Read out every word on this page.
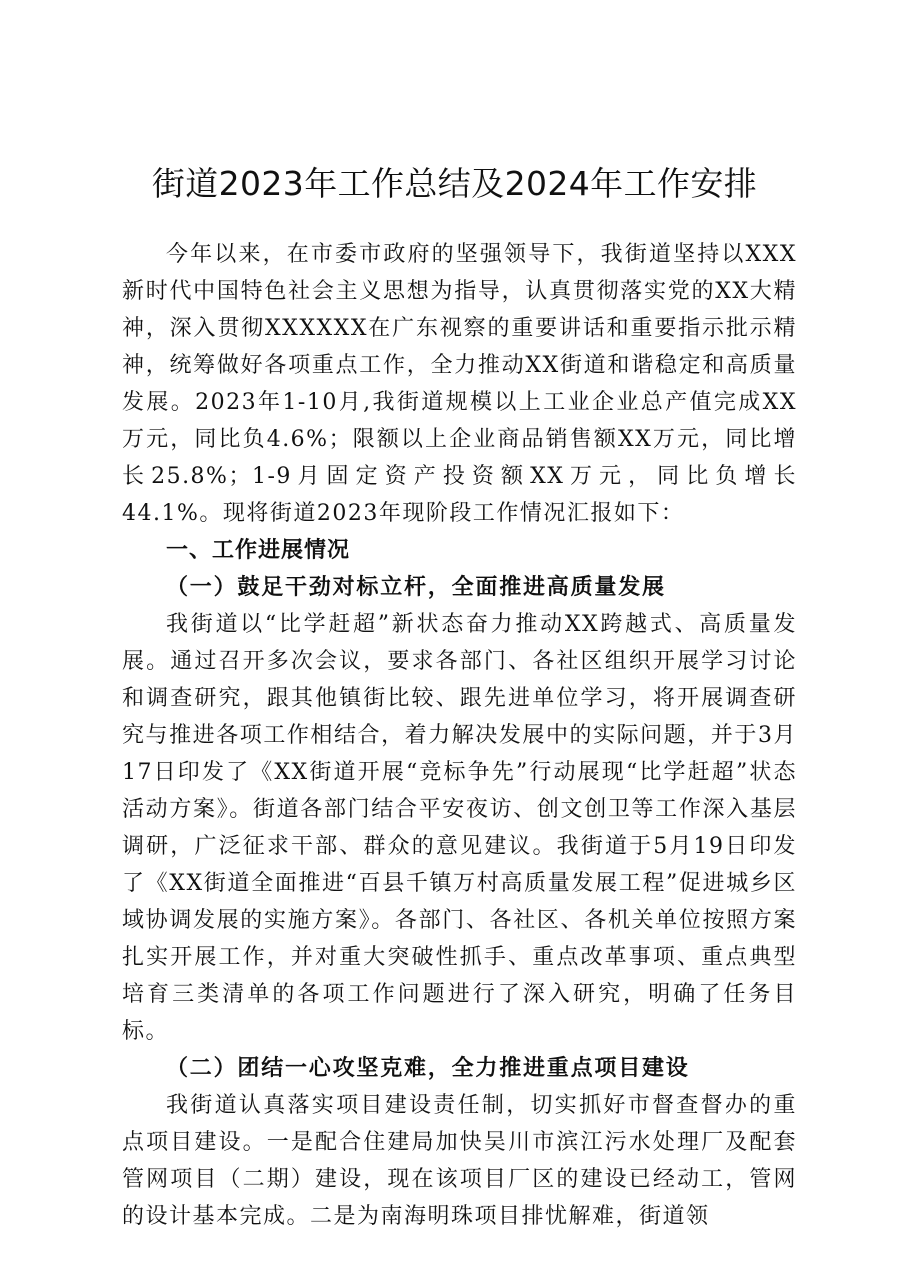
街道2023年工作总结及2024年工作安排

今年以来，在市委市政府的坚强领导下，我街道坚持以XXX新时代中国特色社会主义思想为指导，认真贯彻落实党的XX大精神，深入贯彻XXXXXX在广东视察的重要讲话和重要指示批示精神，统筹做好各项重点工作，全力推动XX街道和谐稳定和高质量发展。2023年1-10月,我街道规模以上工业企业总产值完成XX万元，同比负4.6%；限额以上企业商品销售额XX万元，同比增长25.8%；1-9月固定资产投资额XX万元，同比负增长44.1%。现将街道2023年现阶段工作情况汇报如下：

一、工作进展情况

（一）鼓足干劲对标立杆，全面推进高质量发展

我街道以“比学赶超”新状态奋力推动XX跨越式、高质量发展。通过召开多次会议，要求各部门、各社区组织开展学习讨论和调查研究，跟其他镇街比较、跟先进单位学习，将开展调查研究与推进各项工作相结合，着力解决发展中的实际问题，并于3月17日印发了《XX街道开展“竞标争先”行动展现“比学赶超”状态活动方案》。街道各部门结合平安夜访、创文创卫等工作深入基层调研，广泛征求干部、群众的意见建议。我街道于5月19日印发了《XX街道全面推进“百县千镇万村高质量发展工程”促进城乡区域协调发展的实施方案》。各部门、各社区、各机关单位按照方案扎实开展工作，并对重大突破性抓手、重点改革事项、重点典型培育三类清单的各项工作问题进行了深入研究，明确了任务目标。

（二）团结一心攻坚克难，全力推进重点项目建设

我街道认真落实项目建设责任制，切实抓好市督查督办的重点项目建设。一是配合住建局加快吴川市滨江污水处理厂及配套管网项目（二期）建设，现在该项目厂区的建设已经动工，管网的设计基本完成。二是为南海明珠项目排忧解难，街道领
